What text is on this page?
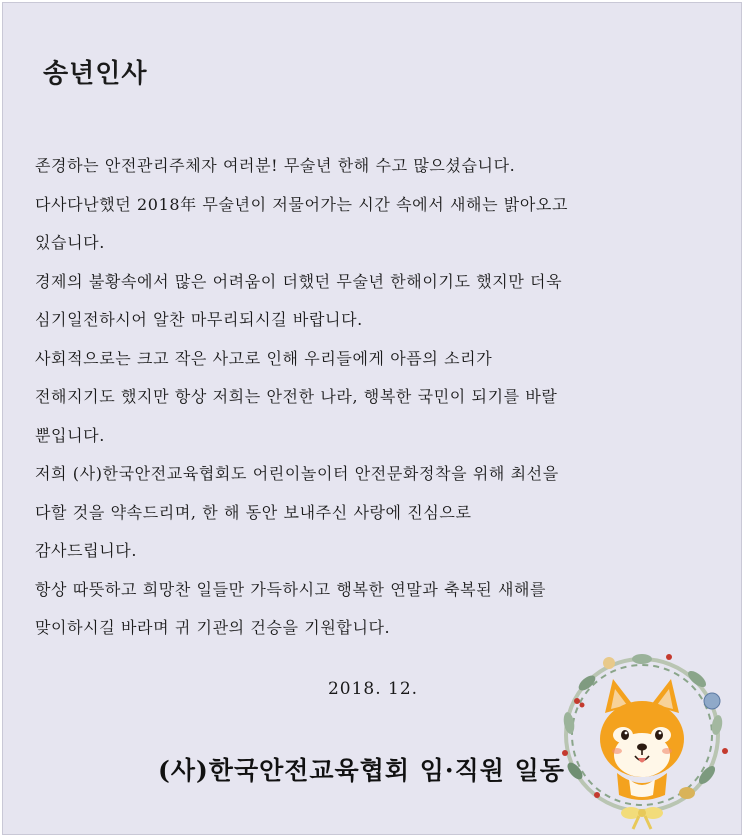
송년인사
존경하는 안전관리주체자 여러분! 무술년 한해 수고 많으셨습니다.
다사다난했던 2018年 무술년이 저물어가는 시간 속에서 새해는 밝아오고
있습니다.
경제의 불황속에서 많은 어려움이 더했던 무술년 한해이기도 했지만 더욱
심기일전하시어 알찬 마무리되시길 바랍니다.
사회적으로는 크고 작은 사고로 인해 우리들에게 아픔의 소리가
전해지기도 했지만 항상 저희는 안전한 나라, 행복한 국민이 되기를 바랄
뿐입니다.
저희 (사)한국안전교육협회도 어린이놀이터 안전문화정착을 위해 최선을
다할 것을 약속드리며, 한 해 동안 보내주신 사랑에 진심으로
감사드립니다.
항상 따뜻하고 희망찬 일들만 가득하시고 행복한 연말과 축복된 새해를
맞이하시길 바라며 귀 기관의 건승을 기원합니다.
2018. 12.
(사)한국안전교육협회 임·직원 일동
